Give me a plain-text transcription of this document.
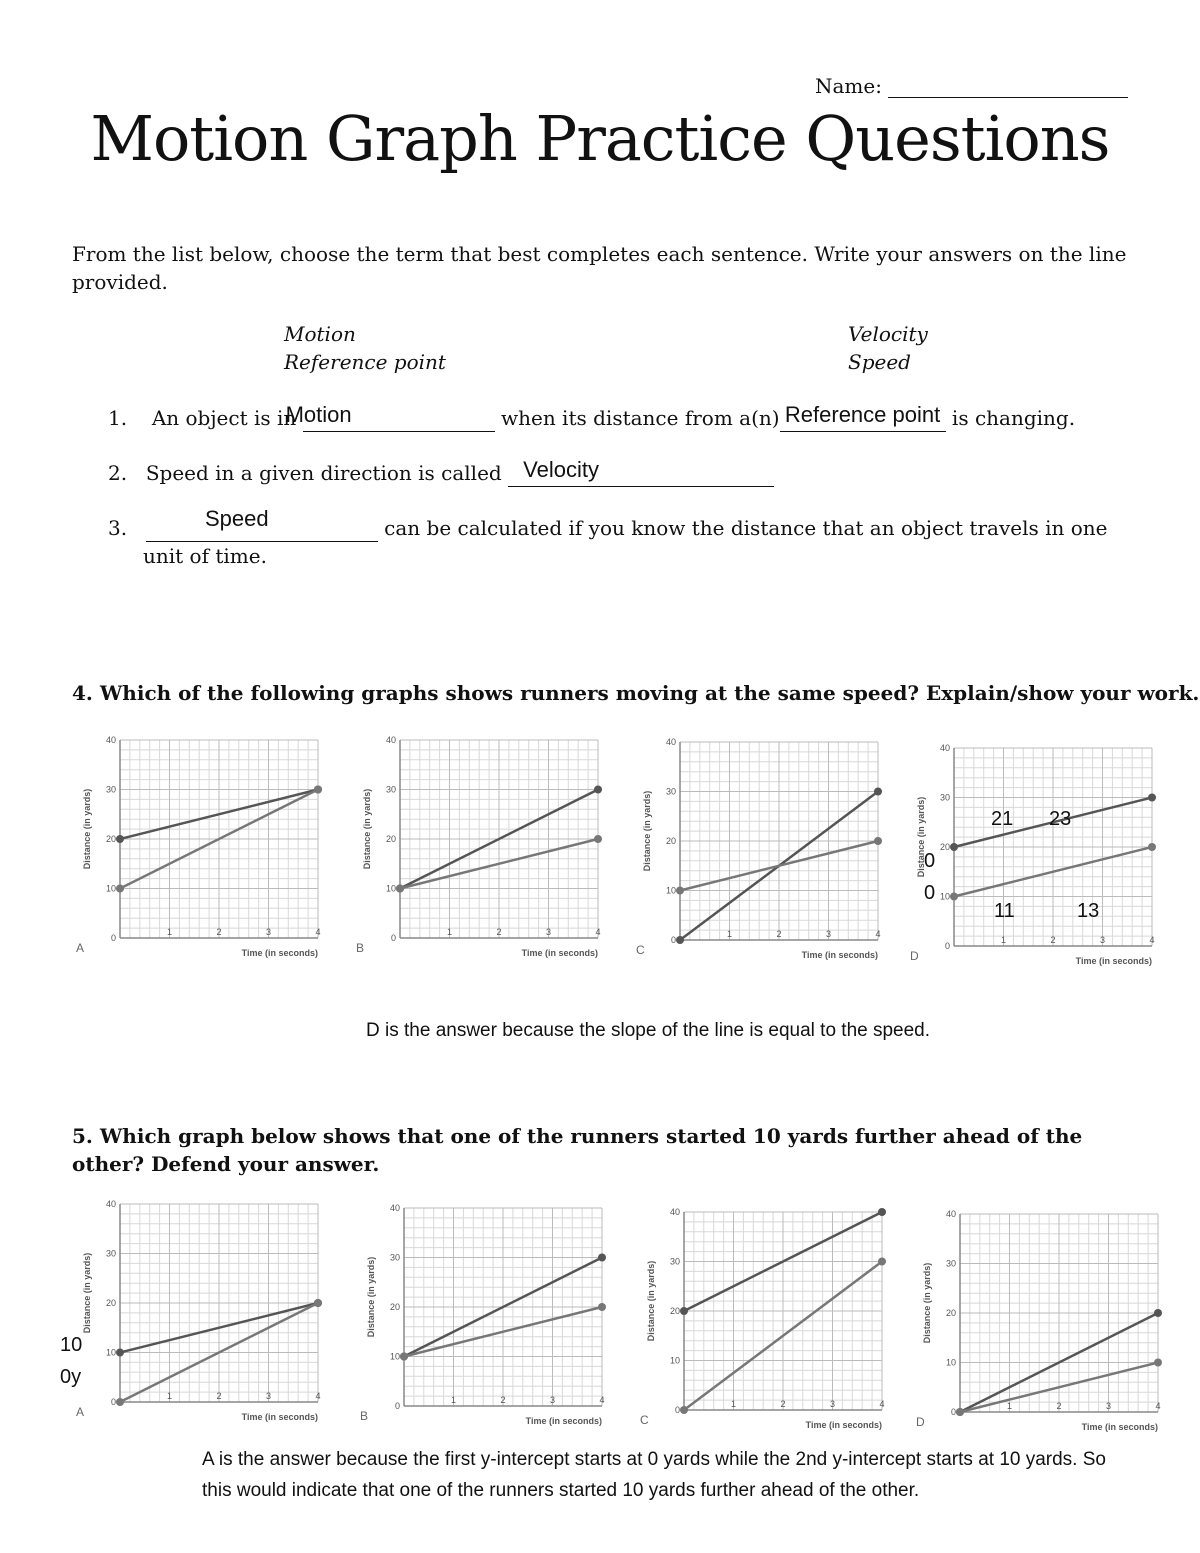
Name:
Motion Graph Practice Questions
From the list below, choose the term that best completes each sentence. Write your answers on the line provided.
Motion
Reference point
Velocity
Speed
1. An object is in
Motion	when its distance from a(n) Reference point is changing.
2. Speed in a given direction is called Velocity
3.	Speed	can be calculated if you know the distance that an object travels in one
unit of time.
4. Which of the following graphs shows runners moving at the same speed? Explain/show your work.
0
10
20
30
40
1	2	3	4
Time (in seconds)
Distance (in yards)
A
0
10
20
30
40
1	2	3	4
Time (in seconds)
Distance (in yards)
B
0
10
20
30
40
1	2	3	4
Time (in seconds)
Distance (in yards)
C	0
10
20
30
40
1	2	3	4
Time (in seconds)
Distance (in yards)
D
21 23
11	13
0
0
D is the answer because the slope of the line is equal to the speed.
5. Which graph below shows that one of the runners started 10 yards further ahead of the other? Defend your answer.
0
10
20
30
40
1	2	3	4
Time (in seconds)
Distance (in yards)
A	0
10
20
30
40
1	2	3	4
Time (in seconds)
Distance (in yards)
B	0
10
20
30
40
1	2	3	4
Time (in seconds)
Distance (in yards)
C
0
10
20
30
40
1	2	3	4
Time (in seconds)
Distance (in yards)
D
10
0y
A is the answer because the first y-intercept starts at 0 yards while the 2nd y-intercept starts at 10 yards. So
this would indicate that one of the runners started 10 yards further ahead of the other.
